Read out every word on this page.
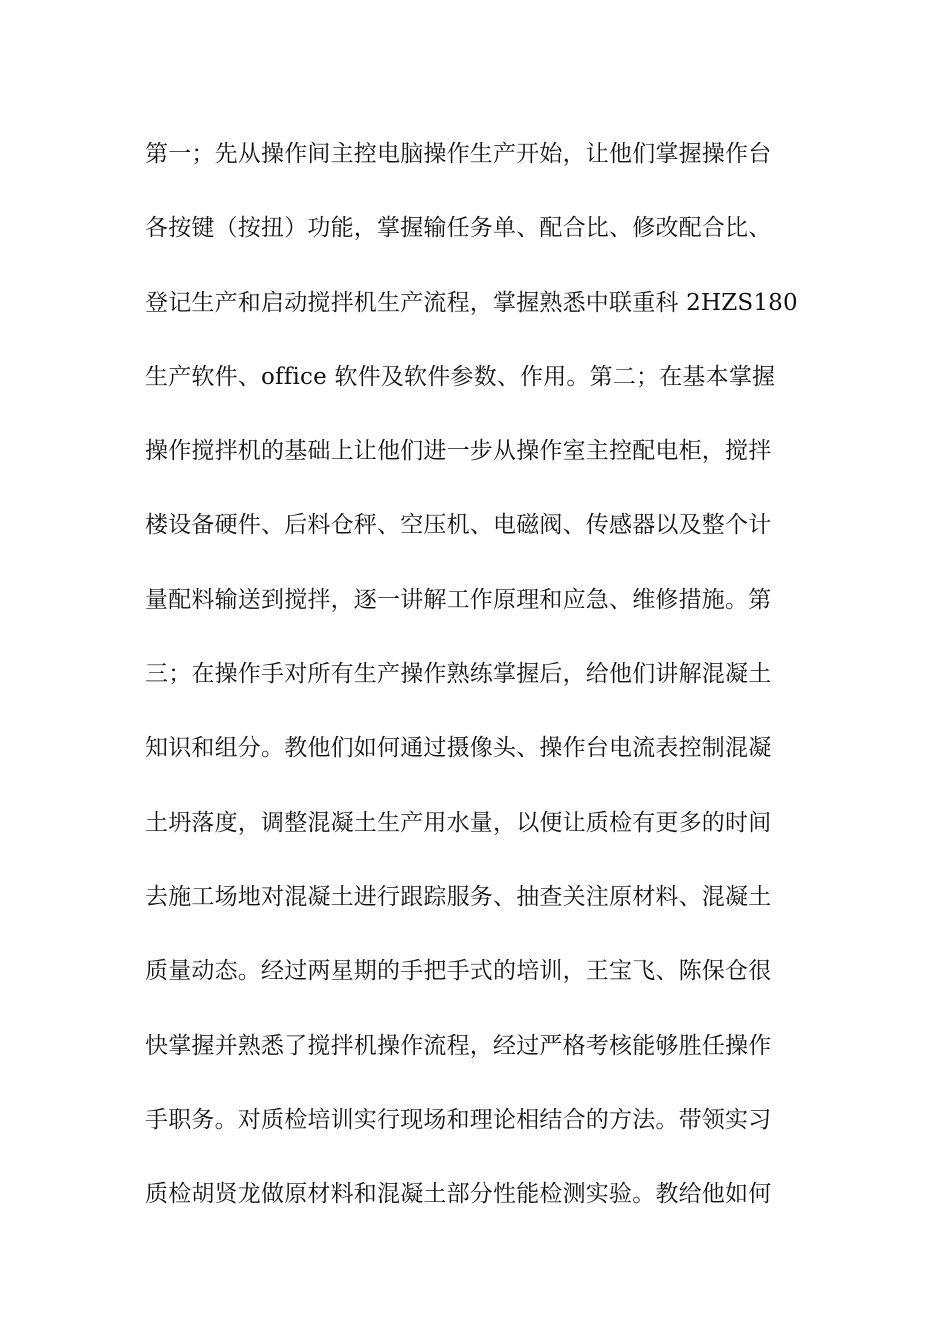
第一；先从操作间主控电脑操作生产开始，让他们掌握操作台
各按键（按扭）功能，掌握输任务单、配合比、修改配合比、
登记生产和启动搅拌机生产流程，掌握熟悉中联重科 2HZS180
生产软件、office 软件及软件参数、作用。第二；在基本掌握
操作搅拌机的基础上让他们进一步从操作室主控配电柜，搅拌
楼设备硬件、后料仓秤、空压机、电磁阀、传感器以及整个计
量配料输送到搅拌，逐一讲解工作原理和应急、维修措施。第
三；在操作手对所有生产操作熟练掌握后，给他们讲解混凝土
知识和组分。教他们如何通过摄像头、操作台电流表控制混凝
土坍落度，调整混凝土生产用水量，以便让质检有更多的时间
去施工场地对混凝土进行跟踪服务、抽查关注原材料、混凝土
质量动态。经过两星期的手把手式的培训，王宝飞、陈保仓很
快掌握并熟悉了搅拌机操作流程，经过严格考核能够胜任操作
手职务。对质检培训实行现场和理论相结合的方法。带领实习
质检胡贤龙做原材料和混凝土部分性能检测实验。教给他如何
